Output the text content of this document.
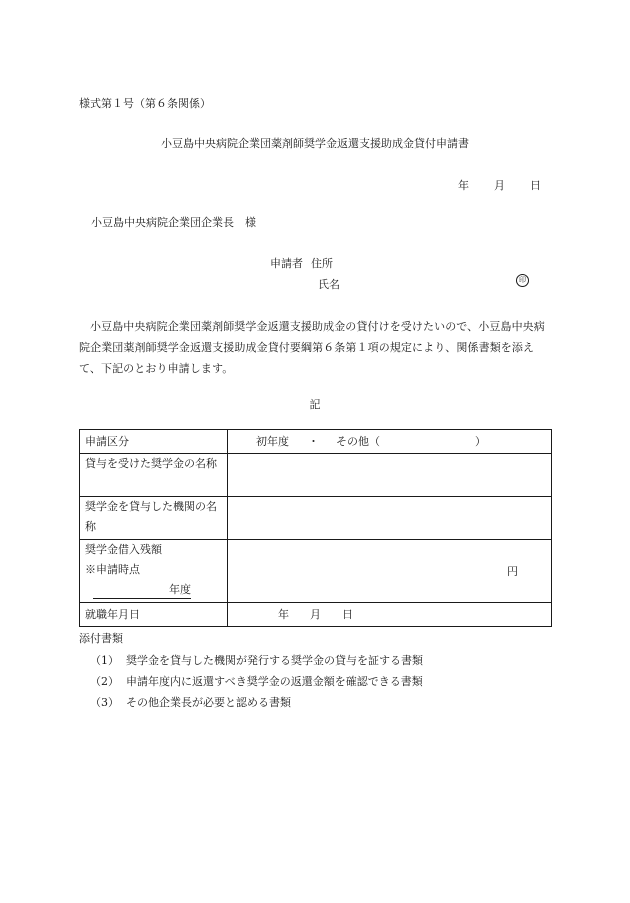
様式第１号（第６条関係）
小豆島中央病院企業団薬剤師奨学金返還支援助成金貸付申請書
年 月 日
小豆島中央病院企業団企業長　様
申請者 住所
氏名	印
小豆島中央病院企業団薬剤師奨学金返還支援助成金の貸付けを受けたいので、小豆島中央病院企業団薬剤師奨学金返還支援助成金貸付要綱第６条第１項の規定により、関係書類を添えて、下記のとおり申請します。
記
申請区分	初年度 ・ その他（ ）

貸与を受けた奨学金の名称	
奨学金を貸与した機関の名称	

奨学金借入残額
※申請時点
年度	円

就職年月日	年 月 日
添付書類
（1） 奨学金を貸与した機関が発行する奨学金の貸与を証する書類
（2） 申請年度内に返還すべき奨学金の返還金額を確認できる書類
（3） その他企業長が必要と認める書類
